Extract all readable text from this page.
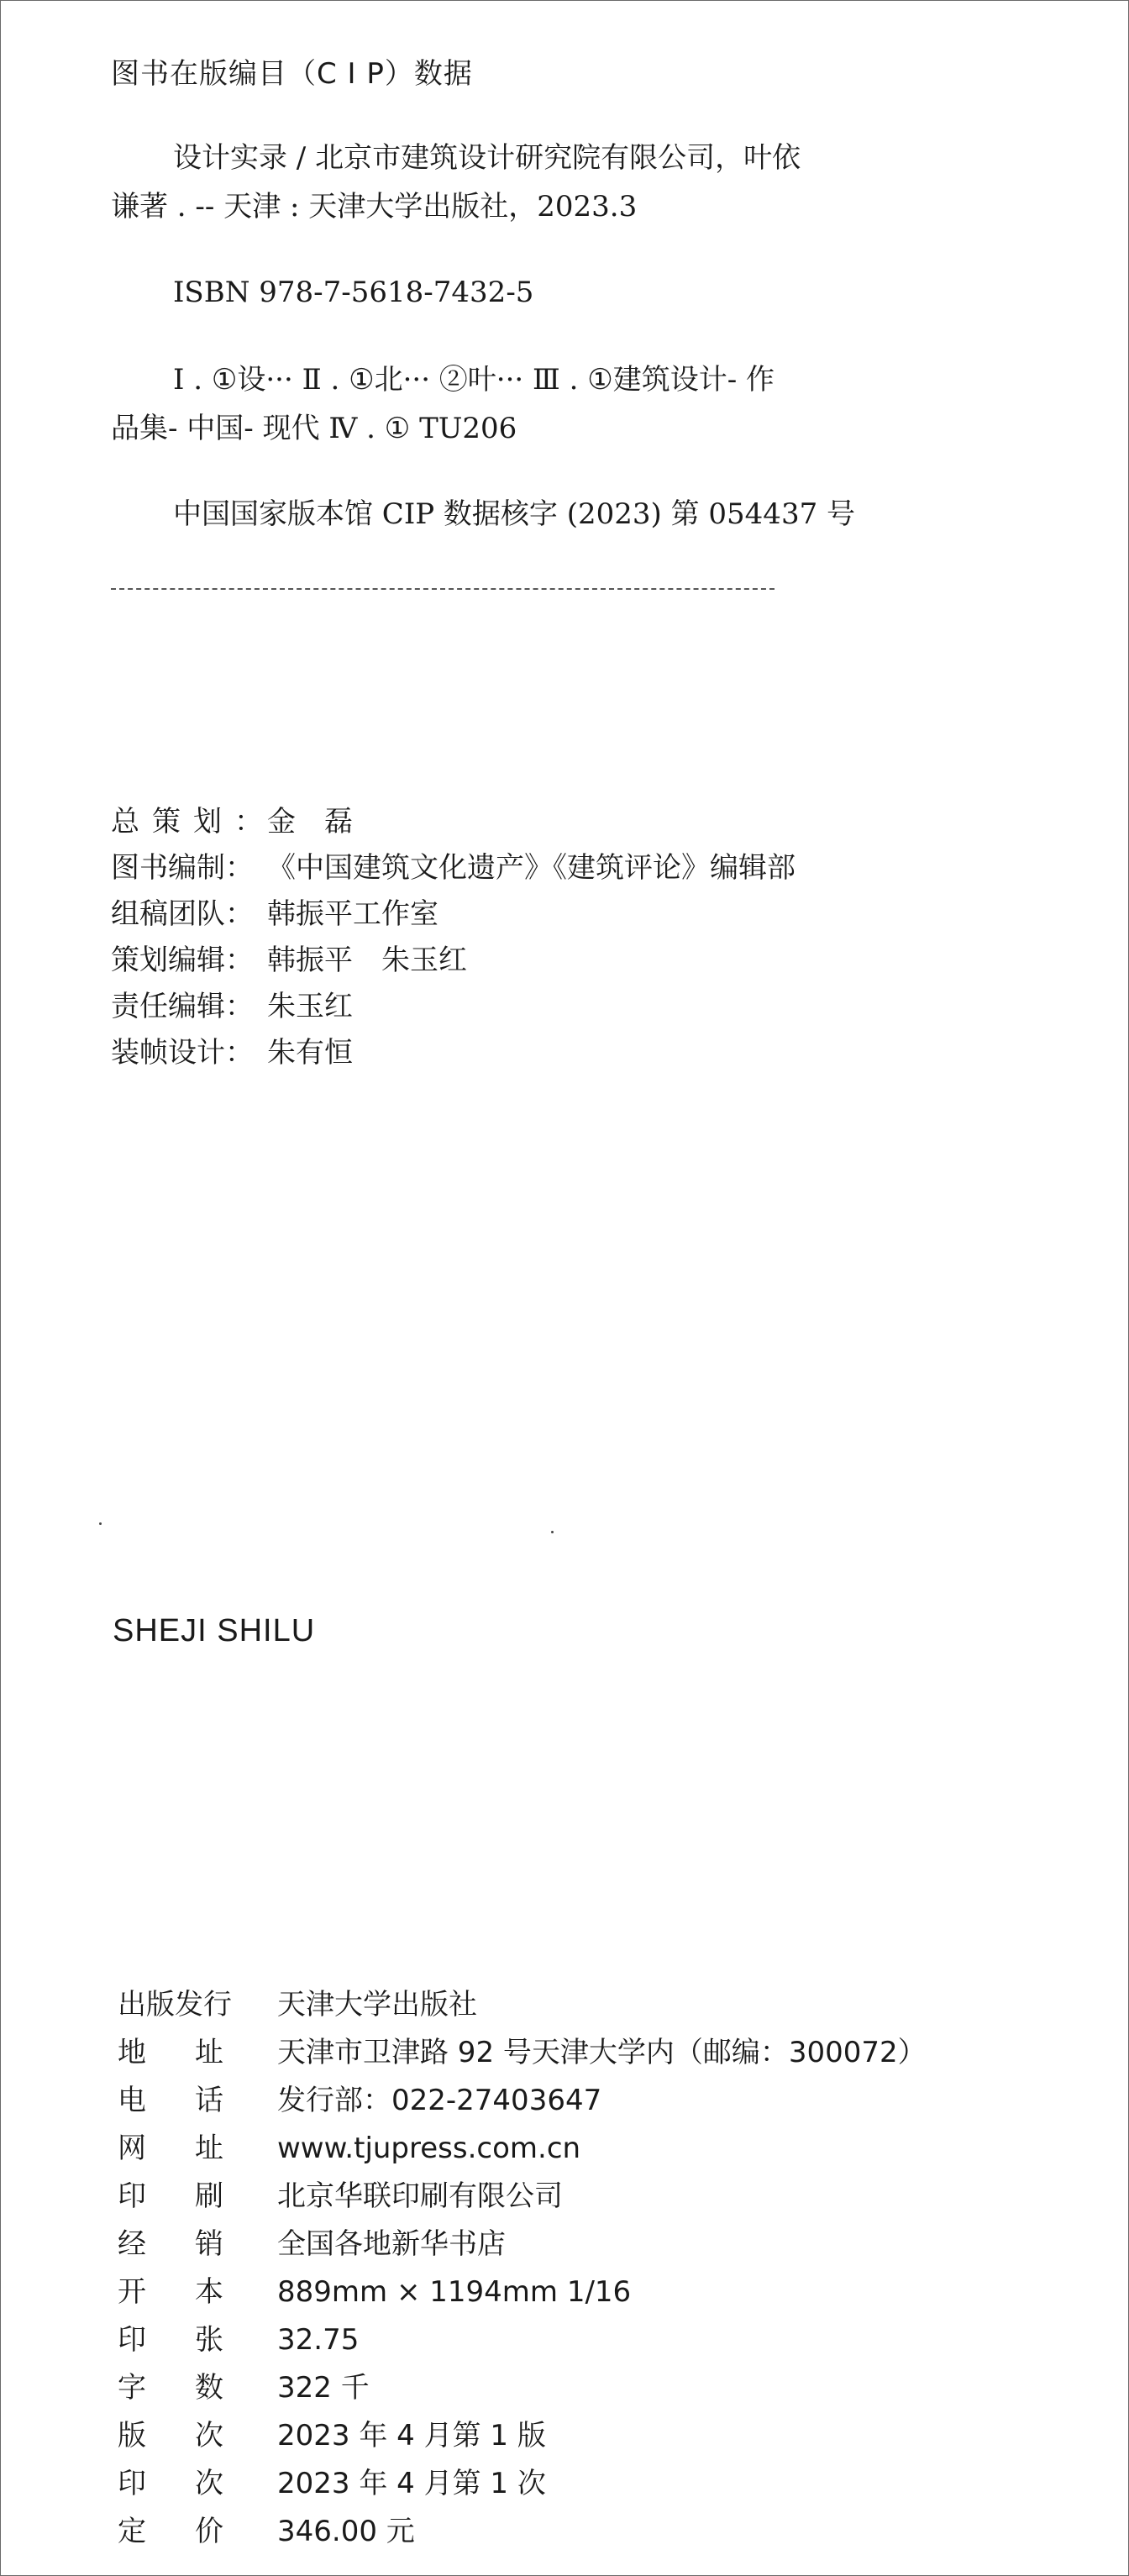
图书在版编目（C I P）数据
设计实录 / 北京市建筑设计研究院有限公司，叶依
谦著 . -- 天津 : 天津大学出版社，2023.3
ISBN 978-7-5618-7432-5
Ⅰ . ①设··· Ⅱ . ①北··· ②叶··· Ⅲ . ①建筑设计- 作
品集- 中国- 现代 Ⅳ . ① TU206
中国国家版本馆 CIP 数据核字 (2023) 第 054437 号
总策划：金　磊
图书编制： 《中国建筑文化遗产》《建筑评论》编辑部
组稿团队： 韩振平工作室
策划编辑： 韩振平　朱玉红
责任编辑： 朱玉红
装帧设计： 朱有恒
SHEJI SHILU
出版发行 天津大学出版社
地址 天津市卫津路 92 号天津大学内（邮编：300072）
电话 发行部：022-27403647
网址 www.tjupress.com.cn
印刷 北京华联印刷有限公司
经销 全国各地新华书店
开本 889mm × 1194mm 1/16
印张 32.75
字数 322 千
版次 2023 年 4 月第 1 版
印次 2023 年 4 月第 1 次
定价 346.00 元
